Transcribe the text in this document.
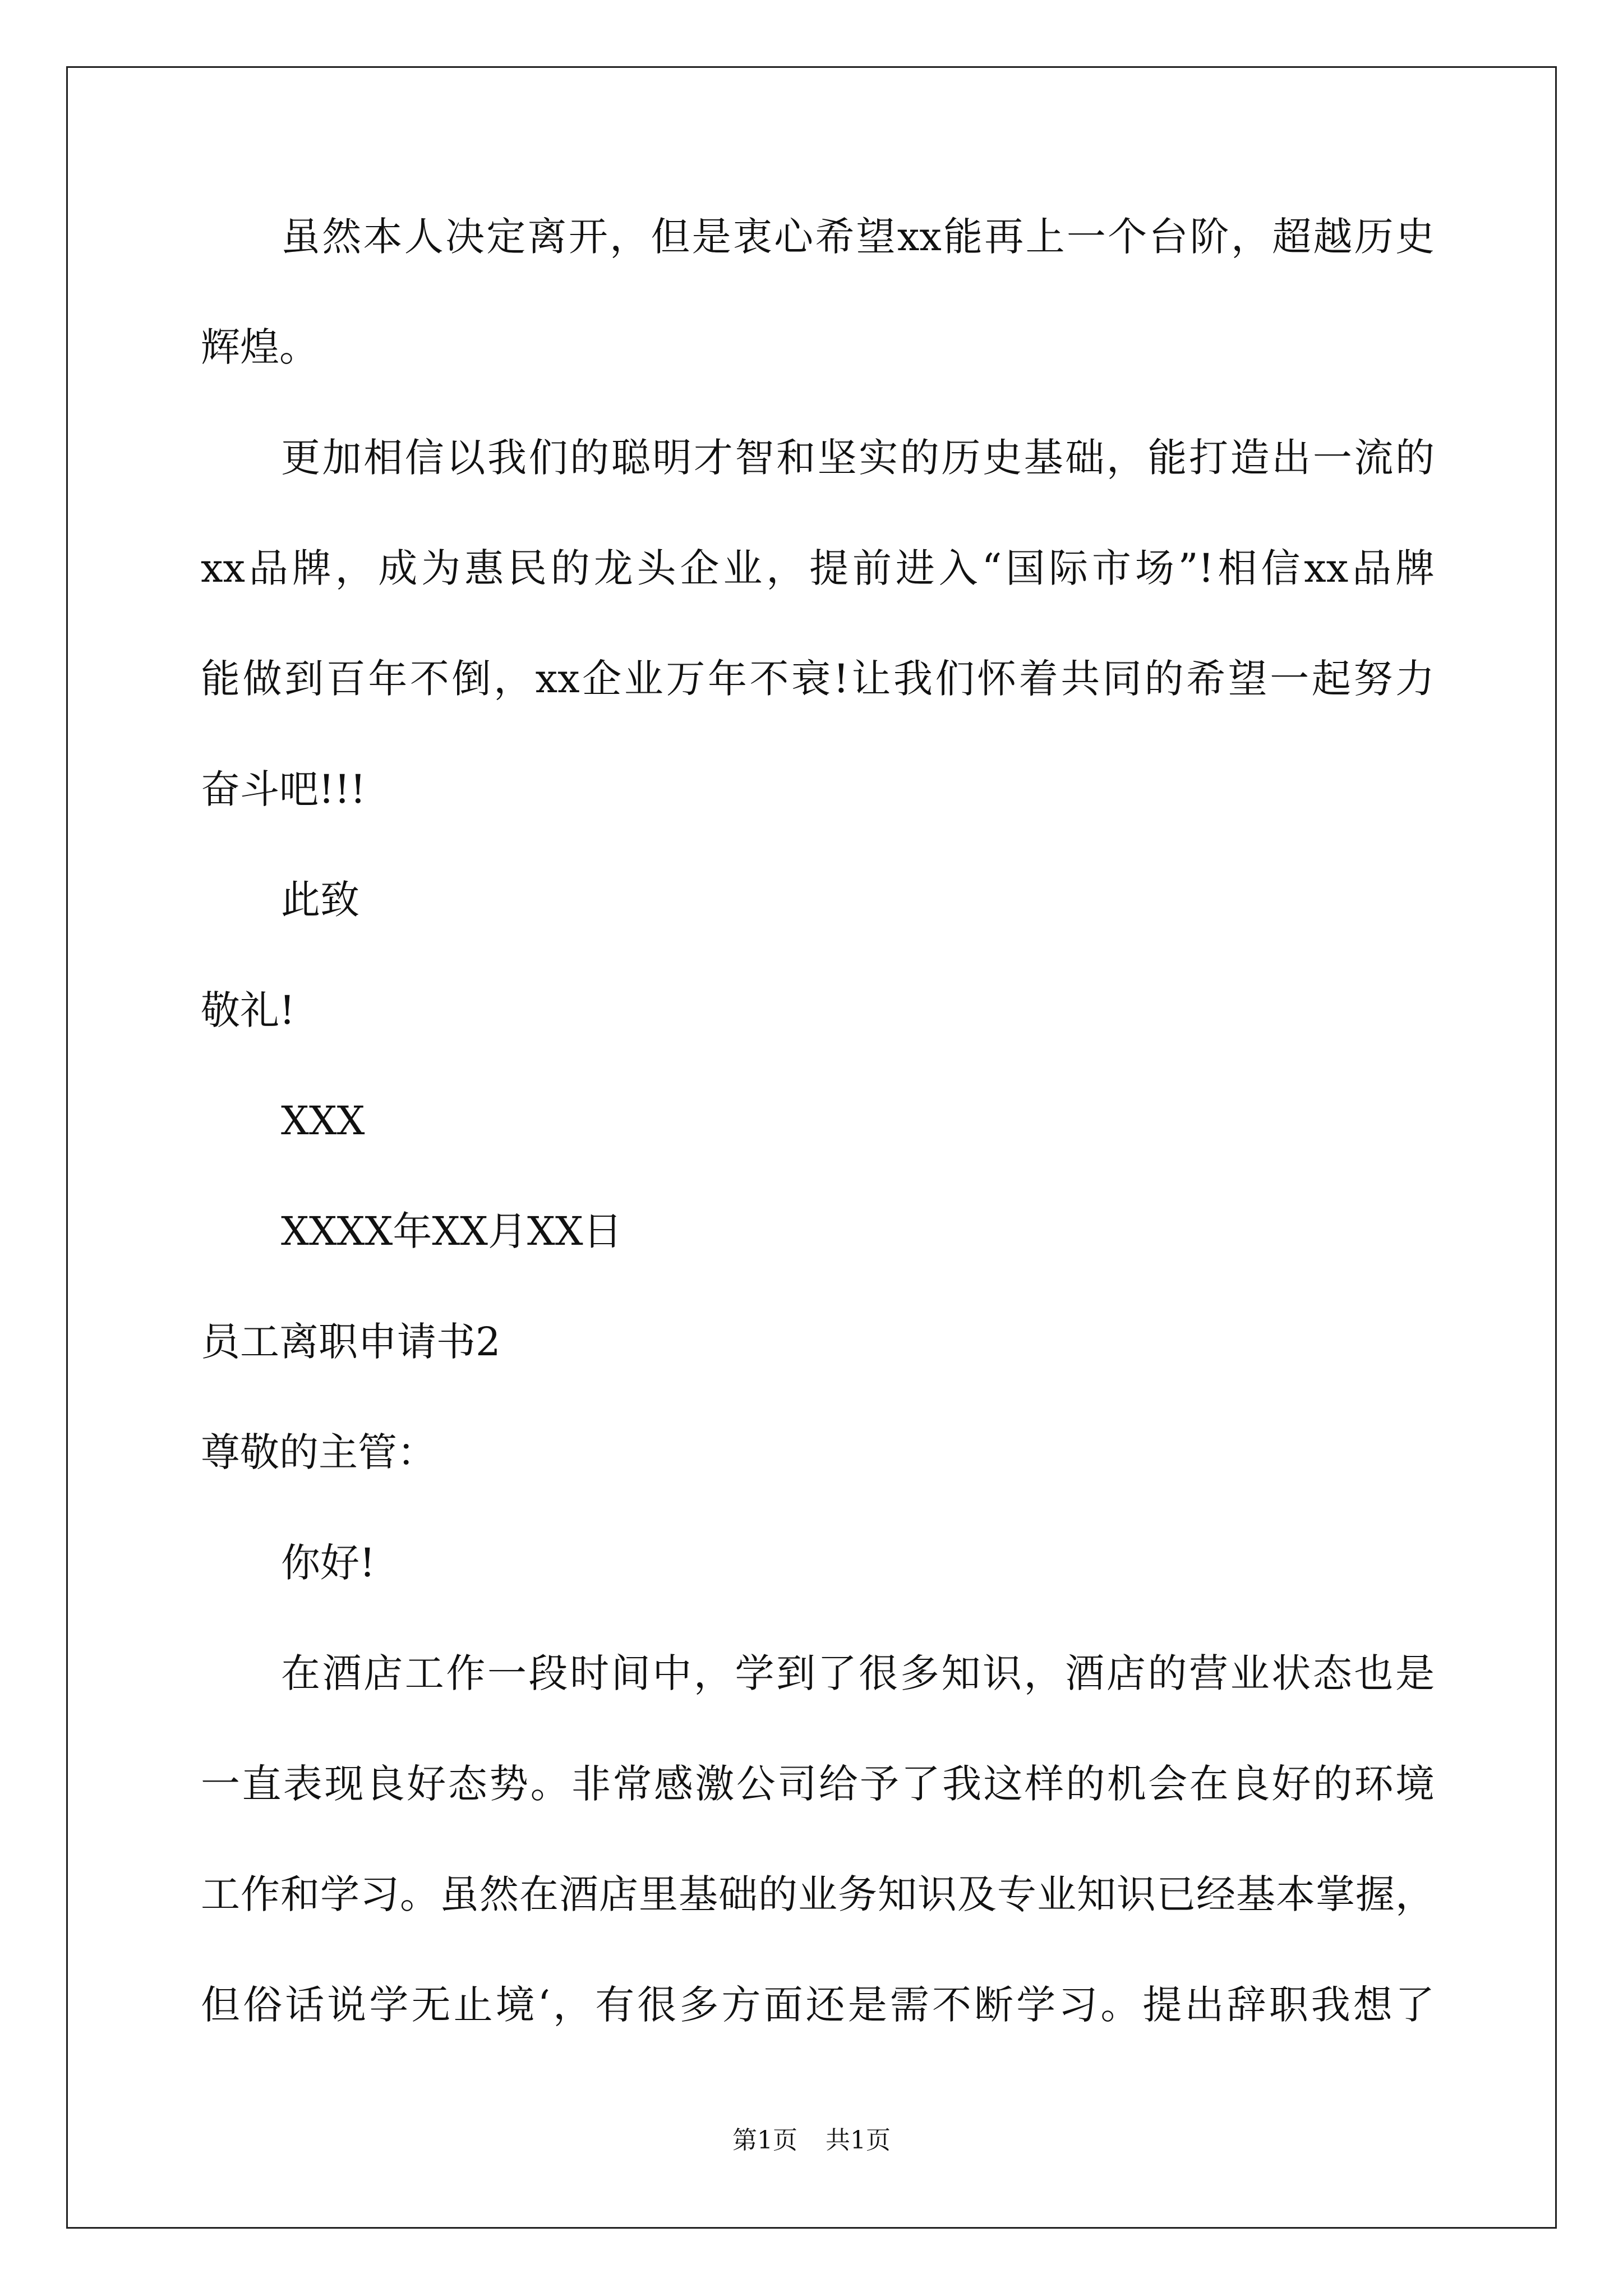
虽然本人决定离开，但是衷心希望xx能再上一个台阶，超越历史
辉煌。
更加相信以我们的聪明才智和坚实的历史基础，能打造出一流的
xx品牌，成为惠民的龙头企业，提前进入“国际市场”!相信xx品牌
能做到百年不倒，xx企业万年不衰!让我们怀着共同的希望一起努力
奋斗吧!!!
此致
敬礼!
XXX
XXXX年XX月XX日
员工离职申请书2
尊敬的主管：
你好!
在酒店工作一段时间中，学到了很多知识，酒店的营业状态也是
一直表现良好态势。非常感激公司给予了我这样的机会在良好的环境
工作和学习。虽然在酒店里基础的业务知识及专业知识已经基本掌握，
但俗话说学无止境‘，有很多方面还是需不断学习。提出辞职我想了
第1页 共1页
